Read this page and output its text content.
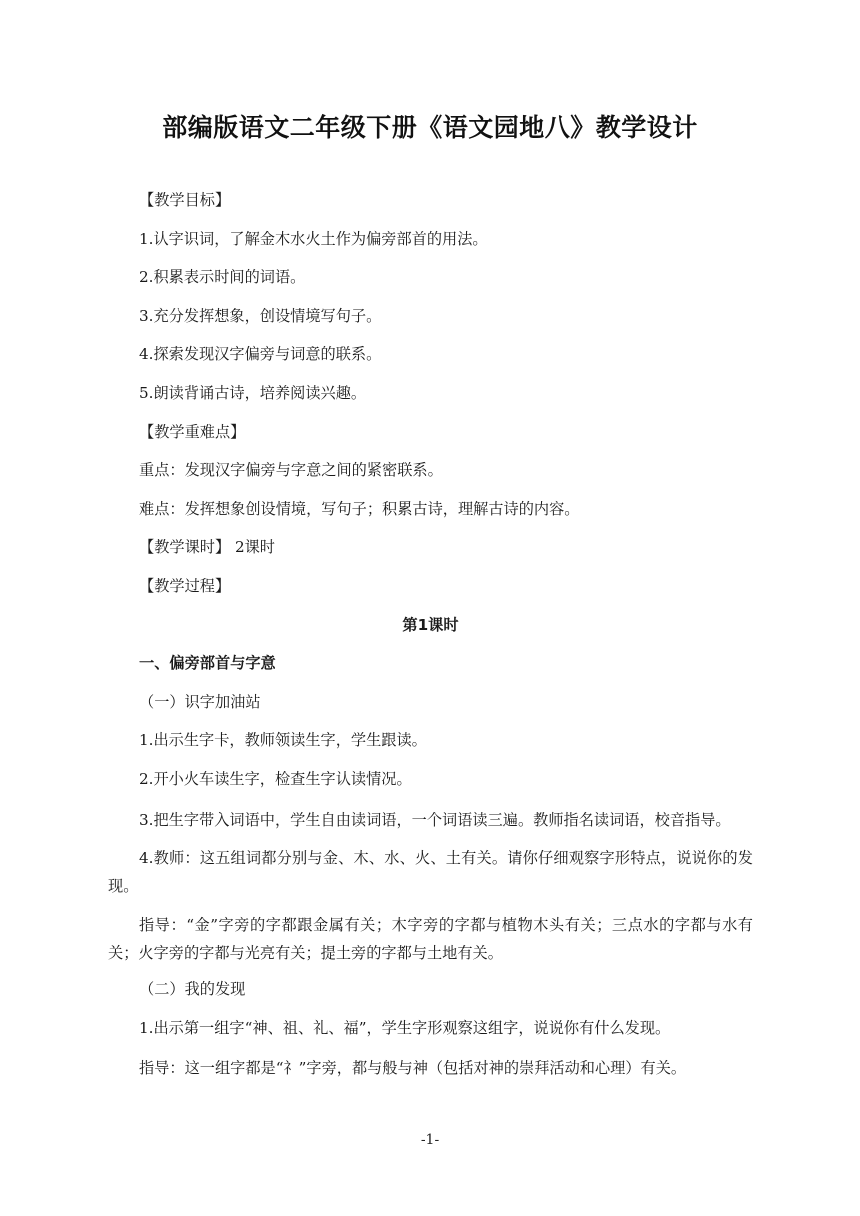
部编版语文二年级下册《语文园地八》教学设计

【教学目标】

1.认字识词，了解金木水火土作为偏旁部首的用法。

2.积累表示时间的词语。

3.充分发挥想象，创设情境写句子。

4.探索发现汉字偏旁与词意的联系。

5.朗读背诵古诗，培养阅读兴趣。

【教学重难点】

重点：发现汉字偏旁与字意之间的紧密联系。

难点：发挥想象创设情境，写句子；积累古诗，理解古诗的内容。

【教学课时】 2课时

【教学过程】

第1课时

一、偏旁部首与字意

（一）识字加油站

1.出示生字卡，教师领读生字，学生跟读。

2.开小火车读生字，检查生字认读情况。

3.把生字带入词语中，学生自由读词语，一个词语读三遍。教师指名读词语，校音指导。

4.教师：这五组词都分别与金、木、水、火、土有关。请你仔细观察字形特点，说说你的发现。

指导：“金”字旁的字都跟金属有关；木字旁的字都与植物木头有关；三点水的字都与水有关；火字旁的字都与光亮有关；提土旁的字都与土地有关。

（二）我的发现

1.出示第一组字“神、祖、礼、福”，学生字形观察这组字，说说你有什么发现。

指导：这一组字都是“礻”字旁，都与般与神（包括对神的崇拜活动和心理）有关。

-1-
